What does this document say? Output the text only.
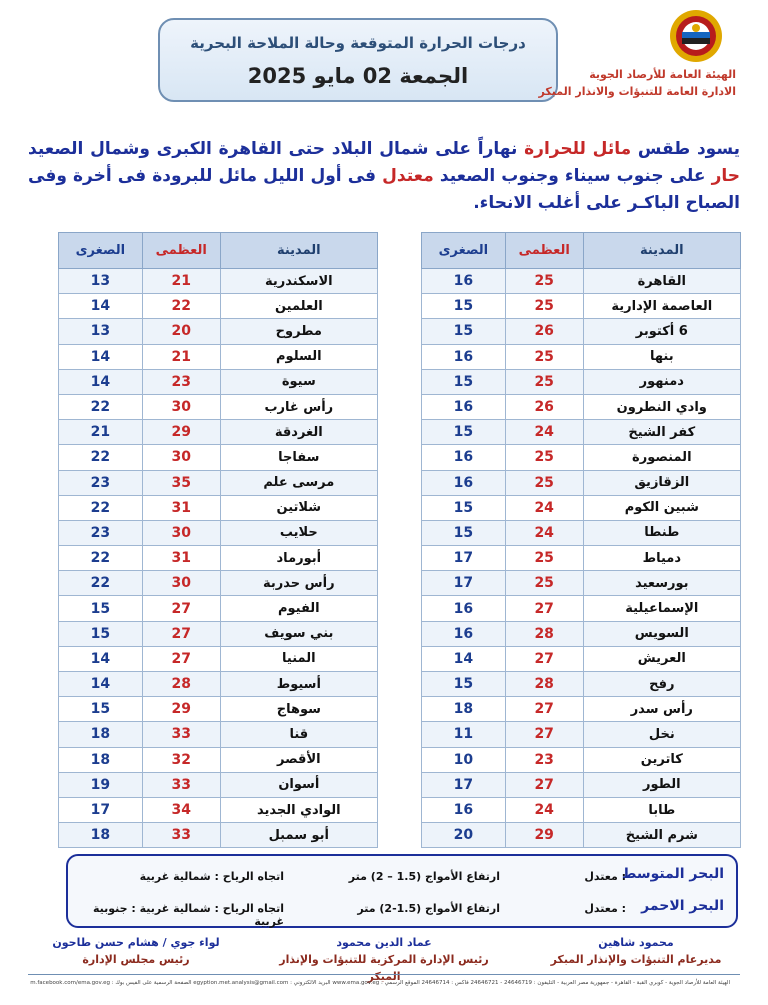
درجات الحرارة المتوقعة وحالة الملاحة البحرية
الجمعة 02 مايو 2025	الهيئة العامة للأرصاد الجوية
الادارة العامة للتنبؤات والانذار المبكر
يسود طقس مائل للحرارة نهاراً على شمال البلاد حتى القاهرة الكبرى وشمال الصعيد حار على جنوب سيناء وجنوب الصعيد معتدل فى أول الليل مائل للبرودة فى أخرة وفى الصباح الباكـر على أغلب الانحاء.
المدينة	العظمى	الصغرى
القاهرة	25	16
العاصمة الإدارية	25	15
6 أكتوبر	26	15
بنها	25	16
دمنهور	25	15
وادي النطرون	26	16
كفر الشيخ	24	15
المنصورة	25	16
الزقازيق	25	16
شبين الكوم	24	15
طنطا	24	15
دمياط	25	17
بورسعيد	25	17
الإسماعيلية	27	16
السويس	28	16
العريش	27	14
رفح	28	15
رأس سدر	27	18
نخل	27	11
كاترين	23	10
الطور	27	17
طابا	24	16
شرم الشيخ	29	20
المدينة	العظمى	الصغرى
الاسكندرية	21	13
العلمين	22	14
مطروح	20	13
السلوم	21	14
سيوة	23	14
رأس غارب	30	22
الغردقة	29	21
سفاجا	30	22
مرسى علم	35	23
شلاتين	31	22
حلايب	30	23
أبورماد	31	22
رأس حدربة	30	22
الفيوم	27	15
بني سويف	27	15
المنيا	27	14
أسيوط	28	14
سوهاج	29	15
قنا	33	18
الأقصر	32	18
أسوان	33	19
الوادي الجديد	34	17
أبو سمبل	33	18
البحر المتوسط
: معتدل
ارتفاع الأمواج (1.5 – 2) متر
اتجاه الرياح : شمالية غربية
البحر الاحمر
: معتدل
ارتفاع الأمواج (1.5-2) متر
اتجاه الرياح : شمالية غربية : جنوبية غربية
محمود شاهين
مديرعام التنبؤات والإنذار المبكر
عماد الدين محمود
رئيس الإدارة المركزية للتنبؤات والإنذار المبكر
لواء جوي / هشام حسن طاحون
رئيس مجلس الإدارة
الهيئة العامة للأرصاد الجوية - كوبري القبة - القاهرة - جمهورية مصر العربية - التليفون : 24646719 - 24646721 فاكس : 24646714 الموقع الرسمي : www.ema.gov.eg البريد الالكتروني : egyption.met.analysis@gmail.com الصفحة الرسمية على الفيس بوك : m.facebook.com/ema.gov.eg
